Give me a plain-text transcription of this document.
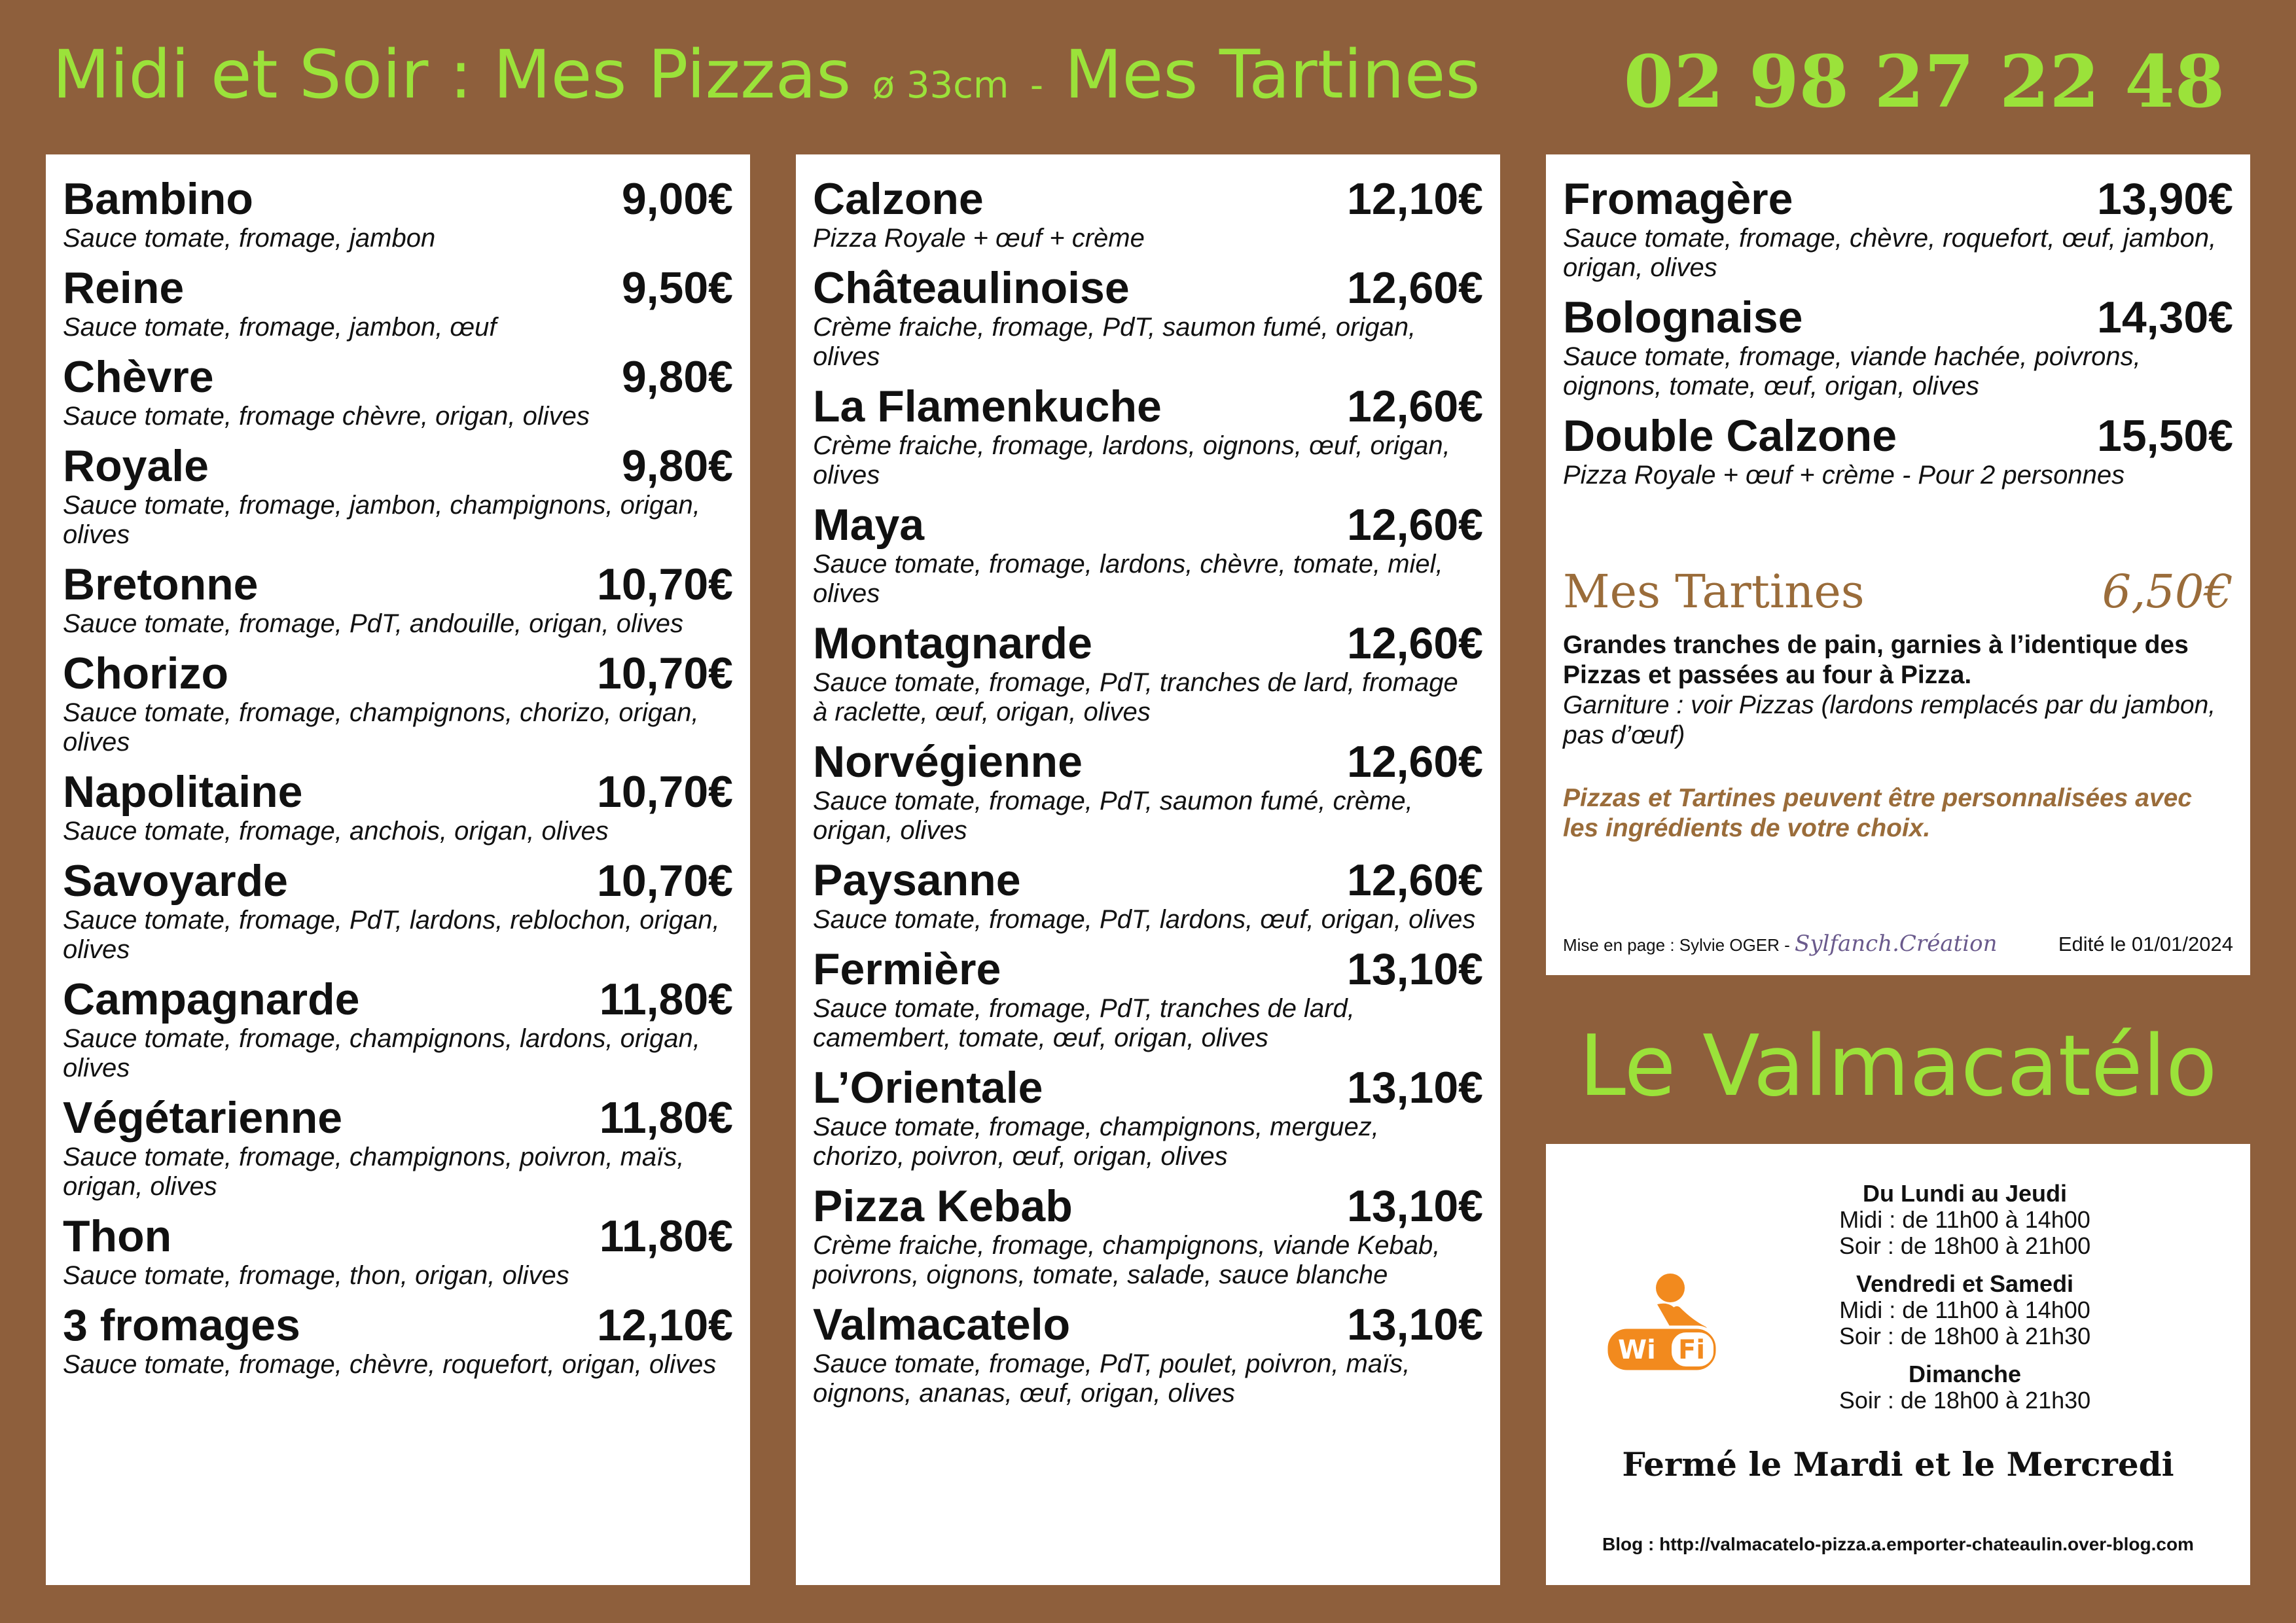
Midi et Soir : Mes Pizzas ø 33cm - Mes Tartines	02 98 27 22 48
Bambino	9,00€
Sauce tomate, fromage, jambon
Reine	9,50€
Sauce tomate, fromage, jambon, œuf
Chèvre	9,80€
Sauce tomate, fromage chèvre, origan, olives
Royale	9,80€
Sauce tomate, fromage, jambon, champignons, origan, olives
Bretonne	10,70€
Sauce tomate, fromage, PdT, andouille, origan, olives
Chorizo	10,70€
Sauce tomate, fromage, champignons, chorizo, origan, olives
Napolitaine	10,70€
Sauce tomate, fromage, anchois, origan, olives
Savoyarde	10,70€
Sauce tomate, fromage, PdT, lardons, reblochon, origan, olives
Campagnarde	11,80€
Sauce tomate, fromage, champignons, lardons, origan, olives
Végétarienne	11,80€
Sauce tomate, fromage, champignons, poivron, maïs, origan, olives
Thon	11,80€
Sauce tomate, fromage, thon, origan, olives
3 fromages	12,10€
Sauce tomate, fromage, chèvre, roquefort, origan, olives
Calzone	12,10€
Pizza Royale + œuf + crème
Châteaulinoise	12,60€
Crème fraiche, fromage, PdT, saumon fumé, origan, olives
La Flamenkuche	12,60€
Crème fraiche, fromage, lardons, oignons, œuf, origan, olives
Maya	12,60€
Sauce tomate, fromage, lardons, chèvre, tomate, miel, olives
Montagnarde	12,60€
Sauce tomate, fromage, PdT, tranches de lard, fromage à raclette, œuf, origan, olives
Norvégienne	12,60€
Sauce tomate, fromage, PdT, saumon fumé, crème, origan, olives
Paysanne	12,60€
Sauce tomate, fromage, PdT, lardons, œuf, origan, olives
Fermière	13,10€
Sauce tomate, fromage, PdT, tranches de lard, camembert, tomate, œuf, origan, olives
L’Orientale	13,10€
Sauce tomate, fromage, champignons, merguez, chorizo, poivron, œuf, origan, olives
Pizza Kebab	13,10€
Crème fraiche, fromage, champignons, viande Kebab, poivrons, oignons, tomate, salade, sauce blanche
Valmacatelo	13,10€
Sauce tomate, fromage, PdT, poulet, poivron, maïs, oignons, ananas, œuf, origan, olives
Fromagère	13,90€
Sauce tomate, fromage, chèvre, roquefort, œuf, jambon, origan, olives
Bolognaise	14,30€
Sauce tomate, fromage, viande hachée, poivrons, oignons, tomate, œuf, origan, olives
Double Calzone	15,50€
Pizza Royale + œuf + crème - Pour 2 personnes
Mes Tartines	6,50€
Grandes tranches de pain, garnies à l’identique des Pizzas et passées au four à Pizza.
Garniture : voir Pizzas (lardons remplacés par du jambon, pas d’œuf)
Pizzas et Tartines peuvent être personnalisées avec les ingrédients de votre choix.
Mise en page : Sylvie OGER - Sylfanch.Création	Edité le 01/01/2024
Le Valmacatélo
Wi Fi
Du Lundi au Jeudi
Midi : de 11h00 à 14h00
Soir : de 18h00 à 21h00
Vendredi et Samedi
Midi : de 11h00 à 14h00
Soir : de 18h00 à 21h30
Dimanche
Soir : de 18h00 à 21h30
Fermé le Mardi et le Mercredi
Blog : http://valmacatelo-pizza.a.emporter-chateaulin.over-blog.com
